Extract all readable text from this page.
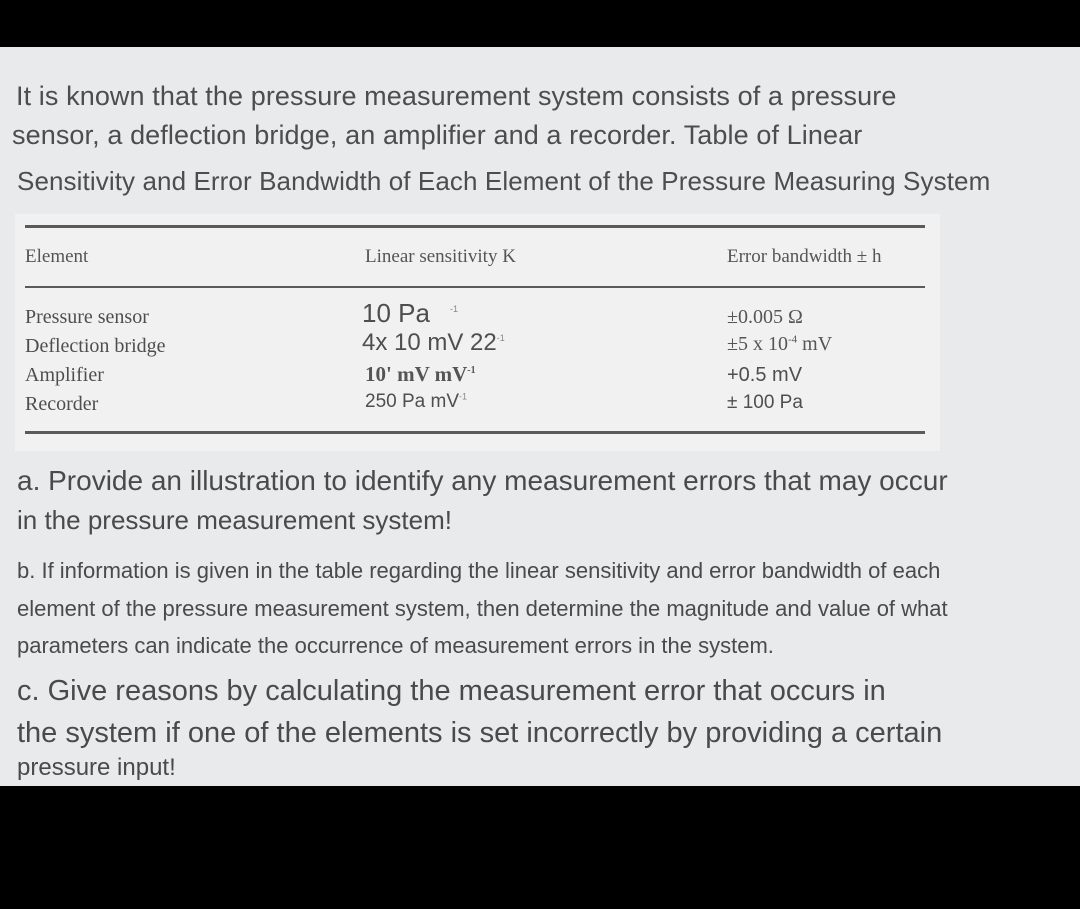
It is known that the pressure measurement system consists of a pressure

sensor, a deflection bridge, an amplifier and a recorder. Table of Linear

Sensitivity and Error Bandwidth of Each Element of the Pressure Measuring System

Element	Linear sensitivity K	Error bandwidth ± h
Pressure sensor
Deflection bridge
Amplifier
Recorder
10 Pa $^{-1}$
4x 10 mV $22^{-1}$
10' mV $mV^{-1}$
250 Pa $mV^{-1}$
±0.005 Ω
±5 x $10^{-4}$ mV
+0.5 mV
± 100 Pa

a. Provide an illustration to identify any measurement errors that may occur

in the pressure measurement system!

b. If information is given in the table regarding the linear sensitivity and error bandwidth of each

element of the pressure measurement system, then determine the magnitude and value of what

parameters can indicate the occurrence of measurement errors in the system.

c. Give reasons by calculating the measurement error that occurs in

the system if one of the elements is set incorrectly by providing a certain

pressure input!
